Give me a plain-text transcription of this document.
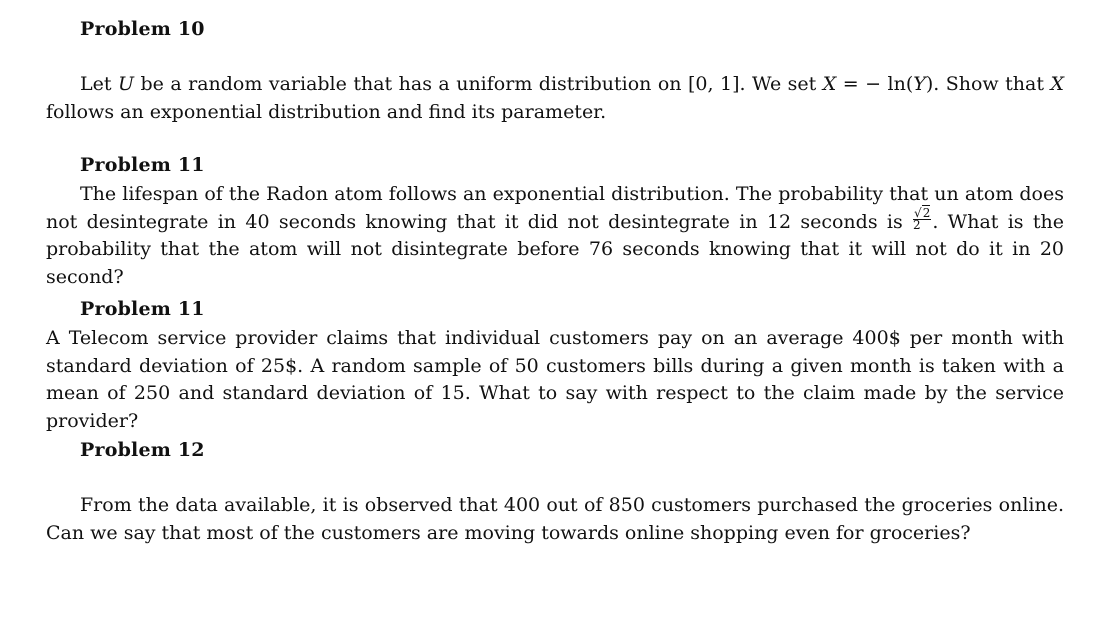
Problem 10
Let U be a random variable that has a uniform distribution on [0, 1]. We set X = − ln(Y). Show that X follows an exponential distribution and find its parameter.
Problem 11
The lifespan of the Radon atom follows an exponential distribution. The probability that un atom does not desintegrate in 40 seconds knowing that it did not desintegrate in 12 seconds is $\frac{√2}{2}$ . What is the probability that the atom will not disintegrate before 76 seconds knowing that it will not do it in 20 second?
Problem 11
A Telecom service provider claims that individual customers pay on an average 400$ per month with standard deviation of 25$. A random sample of 50 customers bills during a given month is taken with a mean of 250 and standard deviation of 15. What to say with respect to the claim made by the service provider?
Problem 12
From the data available, it is observed that 400 out of 850 customers purchased the groceries online. Can we say that most of the customers are moving towards online shopping even for groceries?
